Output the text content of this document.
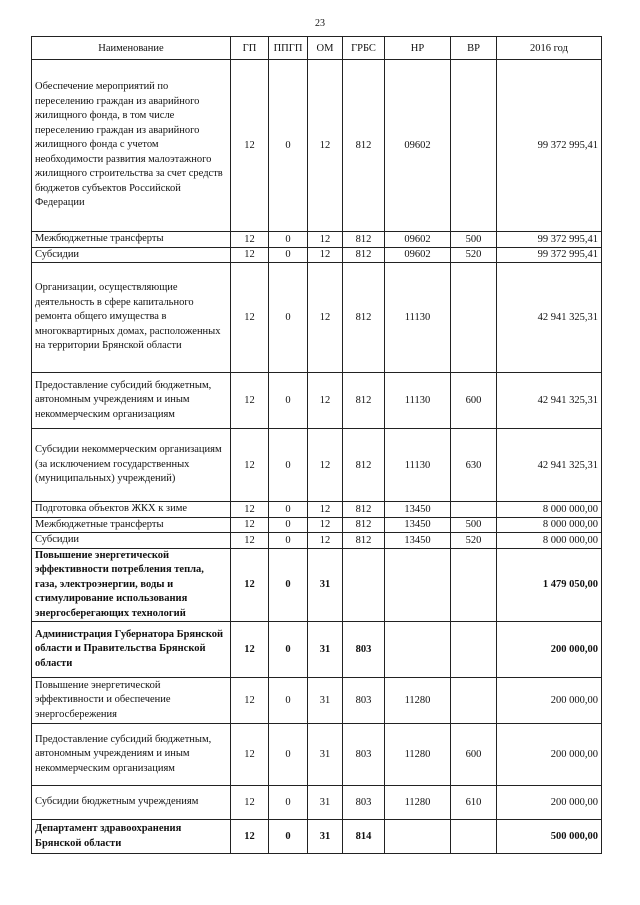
23
Наименование	ГП	ППГП	ОМ	ГРБС	НР	ВР	2016 год
Обеспечение мероприятий по переселению граждан из аварийного жилищного фонда, в том числе переселению граждан из аварийного жилищного фонда с учетом необходимости развития малоэтажного жилищного строительства за счет средств бюджетов субъектов Российской Федерации	12	0	12	812	09602		99 372 995,41
Межбюджетные трансферты	12	0	12	812	09602	500	99 372 995,41
Субсидии	12	0	12	812	09602	520	99 372 995,41
Организации, осуществляющие деятельность в сфере капитального ремонта общего имущества в многоквартирных домах, расположенных на территории Брянской области	12	0	12	812	11130		42 941 325,31
Предоставление субсидий бюджетным, автономным учреждениям и иным некоммерческим организациям	12	0	12	812	11130	600	42 941 325,31
Субсидии некоммерческим организациям (за исключением государственных (муниципальных) учреждений)	12	0	12	812	11130	630	42 941 325,31
Подготовка объектов ЖКХ к зиме	12	0	12	812	13450		8 000 000,00
Межбюджетные трансферты	12	0	12	812	13450	500	8 000 000,00
Субсидии	12	0	12	812	13450	520	8 000 000,00
Повышение энергетической эффективности потребления тепла, газа, электроэнергии, воды и стимулирование использования энергосберегающих технологий	12	0	31				1 479 050,00
Администрация Губернатора Брянской области и Правительства Брянской области	12	0	31	803			200 000,00
Повышение энергетической эффективности и обеспечение энергосбережения	12	0	31	803	11280		200 000,00
Предоставление субсидий бюджетным, автономным учреждениям и иным некоммерческим организациям	12	0	31	803	11280	600	200 000,00
Субсидии бюджетным учреждениям	12	0	31	803	11280	610	200 000,00
Департамент здравоохранения Брянской области	12	0	31	814			500 000,00
